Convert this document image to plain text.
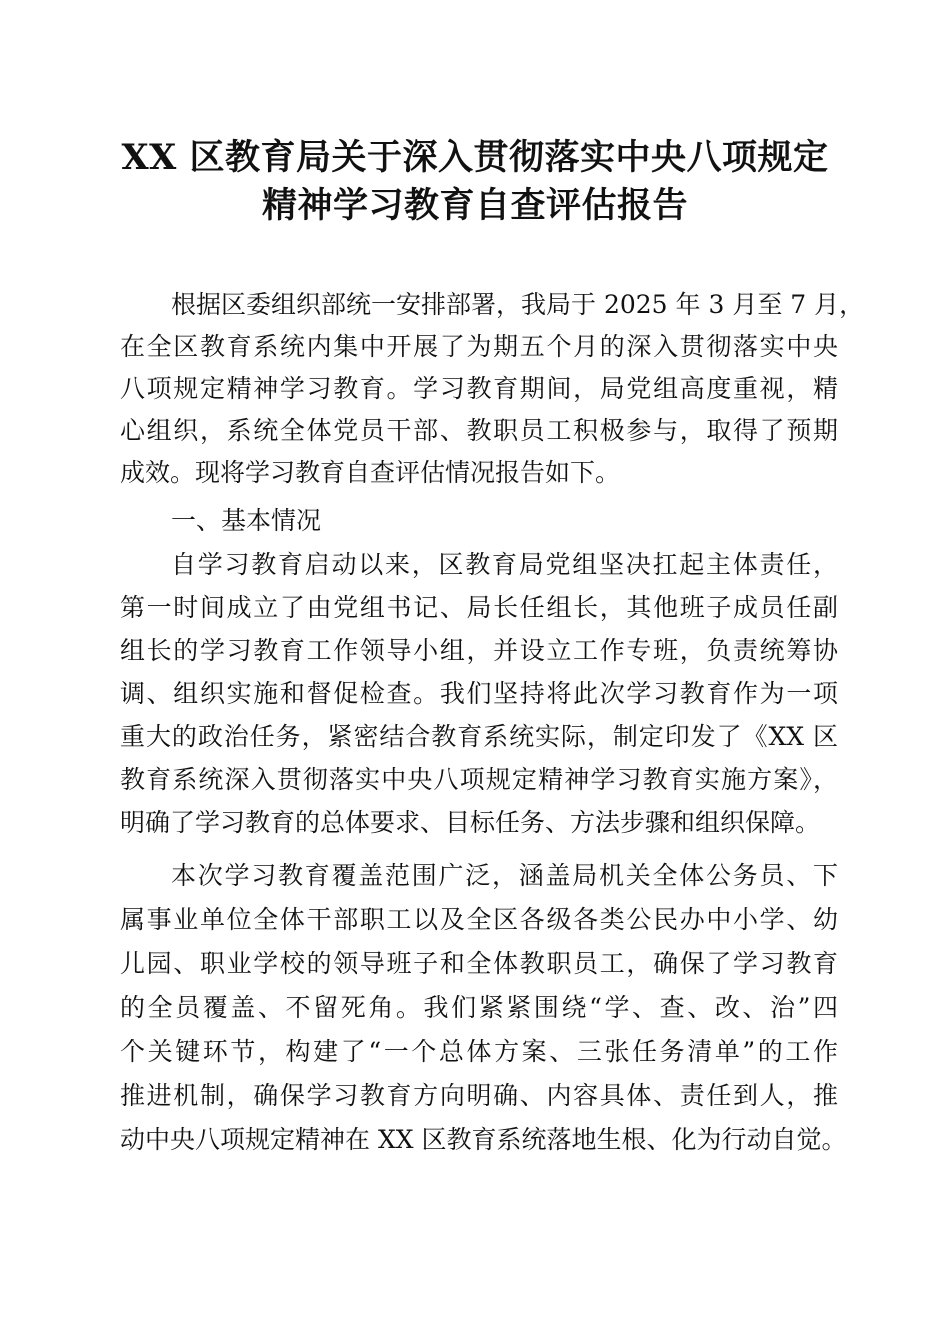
XX 区教育局关于深入贯彻落实中央八项规定
精神学习教育自查评估报告
根据区委组织部统一安排部署，我局于 2025 年 3 月至 7 月，
在全区教育系统内集中开展了为期五个月的深入贯彻落实中央
八项规定精神学习教育。学习教育期间，局党组高度重视，精
心组织，系统全体党员干部、教职员工积极参与，取得了预期
成效。现将学习教育自查评估情况报告如下。
一、基本情况
自学习教育启动以来，区教育局党组坚决扛起主体责任，
第一时间成立了由党组书记、局长任组长，其他班子成员任副
组长的学习教育工作领导小组，并设立工作专班，负责统筹协
调、组织实施和督促检查。我们坚持将此次学习教育作为一项
重大的政治任务，紧密结合教育系统实际，制定印发了《XX 区
教育系统深入贯彻落实中央八项规定精神学习教育实施方案》，
明确了学习教育的总体要求、目标任务、方法步骤和组织保障。
本次学习教育覆盖范围广泛，涵盖局机关全体公务员、下
属事业单位全体干部职工以及全区各级各类公民办中小学、幼
儿园、职业学校的领导班子和全体教职员工，确保了学习教育
的全员覆盖、不留死角。我们紧紧围绕“学、查、改、治”四
个关键环节，构建了“一个总体方案、三张任务清单”的工作
推进机制，确保学习教育方向明确、内容具体、责任到人，推
动中央八项规定精神在 XX 区教育系统落地生根、化为行动自觉。
